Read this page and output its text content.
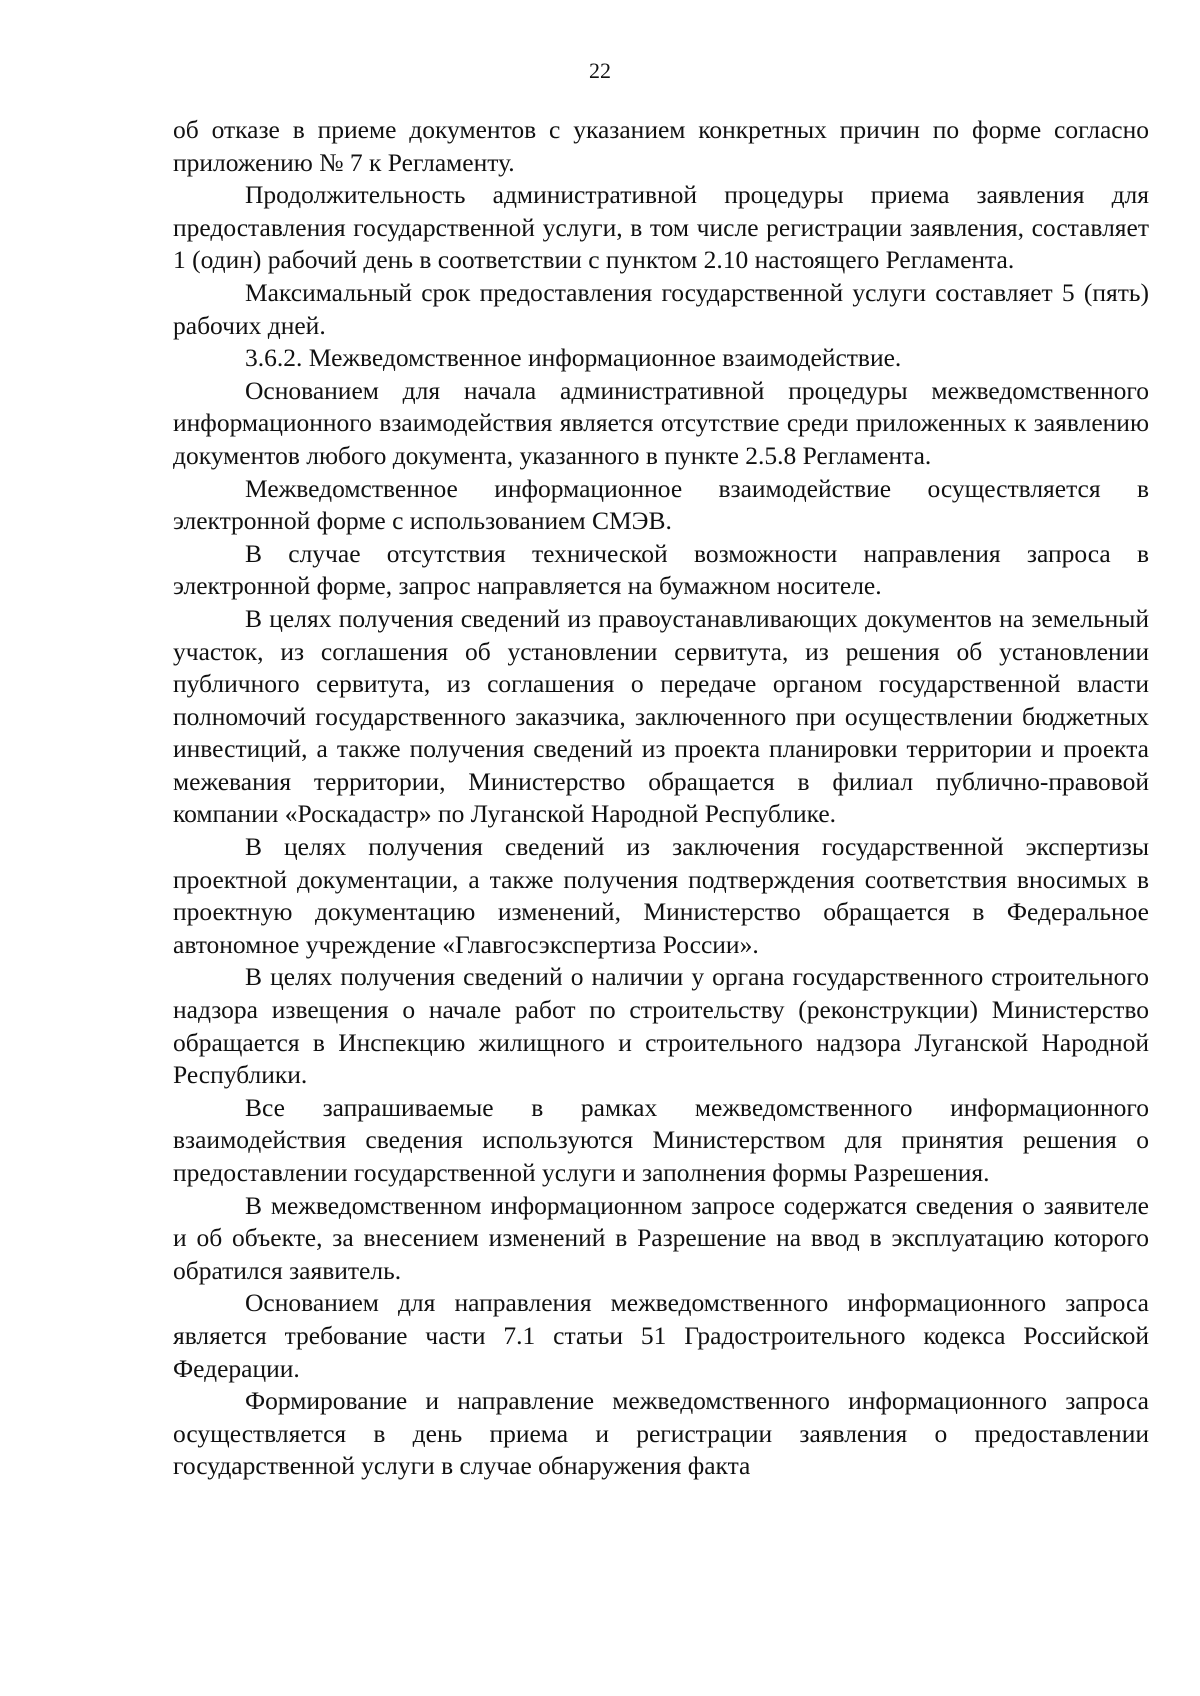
22

об отказе в приеме документов с указанием конкретных причин по форме согласно приложению № 7 к Регламенту.

Продолжительность административной процедуры приема заявления для предоставления государственной услуги, в том числе регистрации заявления, составляет 1 (один) рабочий день в соответствии с пунктом 2.10 настоящего Регламента.

Максимальный срок предоставления государственной услуги составляет 5 (пять) рабочих дней.

3.6.2. Межведомственное информационное взаимодействие.

Основанием для начала административной процедуры межведомственного информационного взаимодействия является отсутствие среди приложенных к заявлению документов любого документа, указанного в пункте 2.5.8 Регламента.

Межведомственное информационное взаимодействие осуществляется в электронной форме с использованием СМЭВ.

В случае отсутствия технической возможности направления запроса в электронной форме, запрос направляется на бумажном носителе.

В целях получения сведений из правоустанавливающих документов на земельный участок, из соглашения об установлении сервитута, из решения об установлении публичного сервитута, из соглашения о передаче органом государственной власти полномочий государственного заказчика, заключенного при осуществлении бюджетных инвестиций, а также получения сведений из проекта планировки территории и проекта межевания территории, Министерство обращается в филиал публично-правовой компании «Роскадастр» по Луганской Народной Республике.

В целях получения сведений из заключения государственной экспертизы проектной документации, а также получения подтверждения соответствия вносимых в проектную документацию изменений, Министерство обращается в Федеральное автономное учреждение «Главгосэкспертиза России».

В целях получения сведений о наличии у органа государственного строительного надзора извещения о начале работ по строительству (реконструкции) Министерство обращается в Инспекцию жилищного и строительного надзора Луганской Народной Республики.

Все запрашиваемые в рамках межведомственного информационного взаимодействия сведения используются Министерством для принятия решения о предоставлении государственной услуги и заполнения формы Разрешения.

В межведомственном информационном запросе содержатся сведения о заявителе и об объекте, за внесением изменений в Разрешение на ввод в эксплуатацию которого обратился заявитель.

Основанием для направления межведомственного информационного запроса является требование части 7.1 статьи 51 Градостроительного кодекса Российской Федерации.

Формирование и направление межведомственного информационного запроса осуществляется в день приема и регистрации заявления о предоставлении государственной услуги в случае обнаружения факта
